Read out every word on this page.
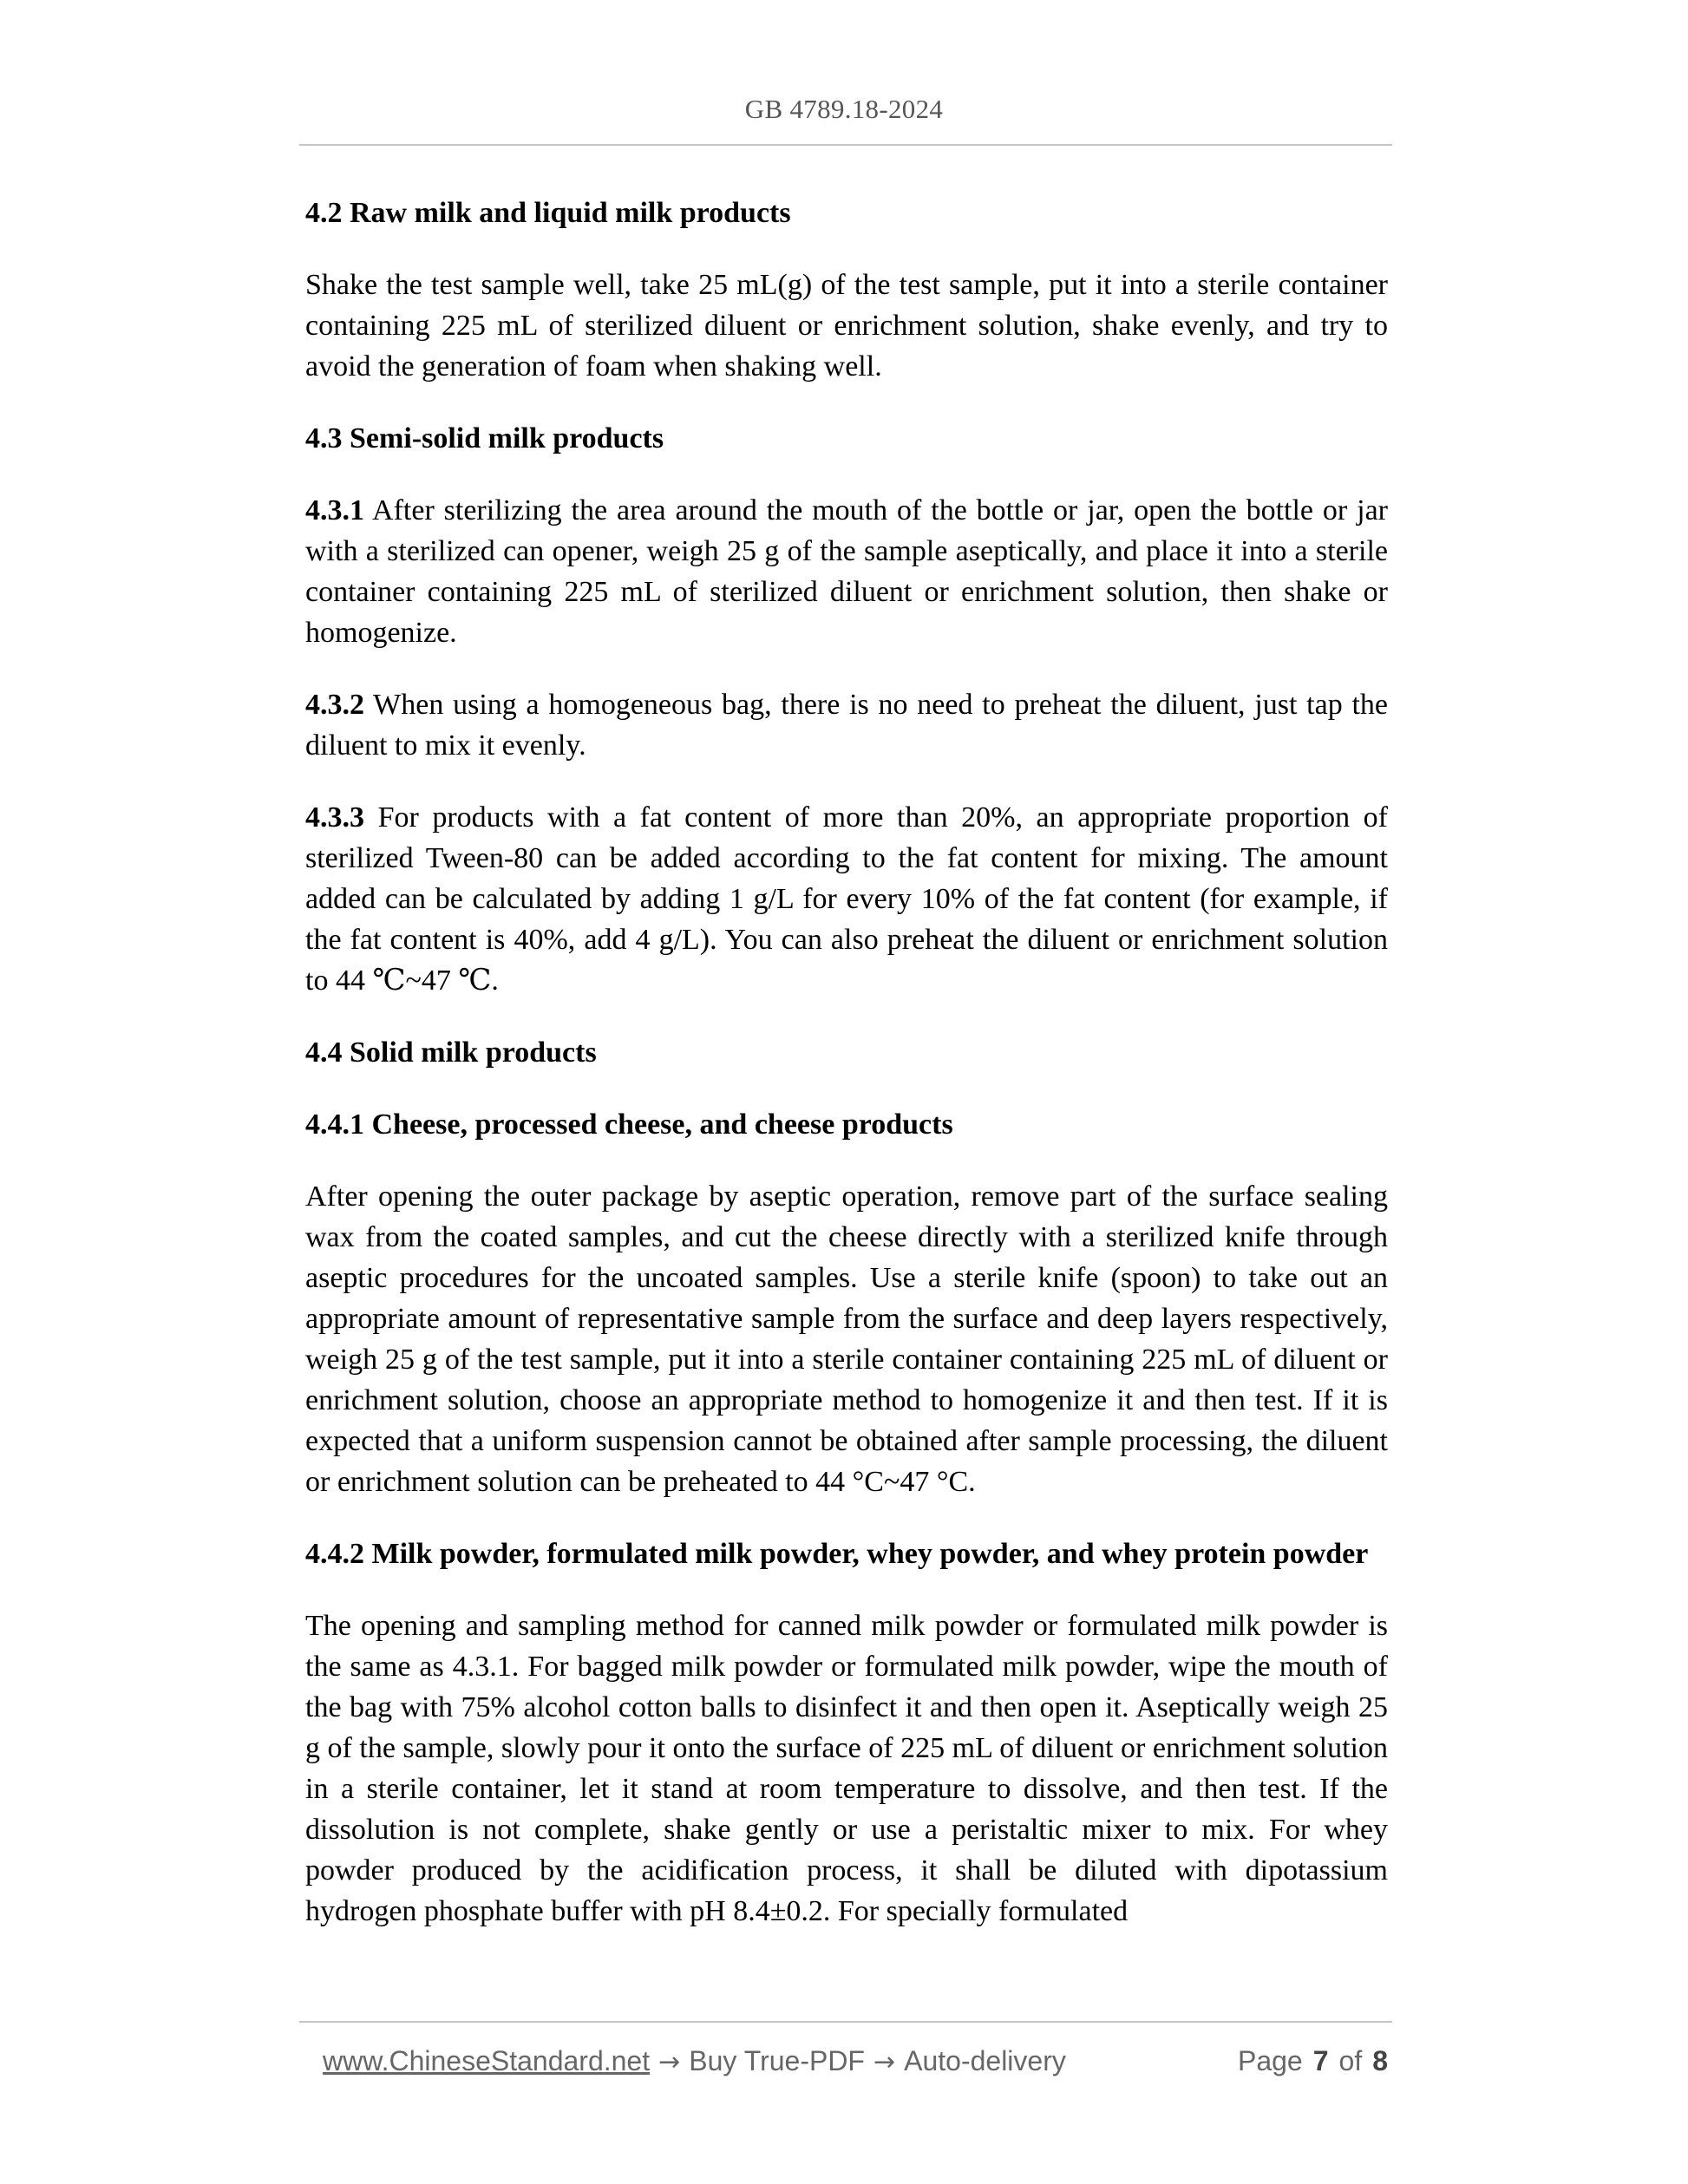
GB 4789.18-2024
4.2 Raw milk and liquid milk products
Shake the test sample well, take 25 mL(g) of the test sample, put it into a sterile container containing 225 mL of sterilized diluent or enrichment solution, shake evenly, and try to avoid the generation of foam when shaking well.
4.3 Semi-solid milk products
4.3.1 After sterilizing the area around the mouth of the bottle or jar, open the bottle or jar with a sterilized can opener, weigh 25 g of the sample aseptically, and place it into a sterile container containing 225 mL of sterilized diluent or enrichment solution, then shake or homogenize.
4.3.2 When using a homogeneous bag, there is no need to preheat the diluent, just tap the diluent to mix it evenly.
4.3.3 For products with a fat content of more than 20%, an appropriate proportion of sterilized Tween-80 can be added according to the fat content for mixing. The amount added can be calculated by adding 1 g/L for every 10% of the fat content (for example, if the fat content is 40%, add 4 g/L). You can also preheat the diluent or enrichment solution to 44 ℃~47 ℃.
4.4 Solid milk products
4.4.1 Cheese, processed cheese, and cheese products
After opening the outer package by aseptic operation, remove part of the surface sealing wax from the coated samples, and cut the cheese directly with a sterilized knife through aseptic procedures for the uncoated samples. Use a sterile knife (spoon) to take out an appropriate amount of representative sample from the surface and deep layers respectively, weigh 25 g of the test sample, put it into a sterile container containing 225 mL of diluent or enrichment solution, choose an appropriate method to homogenize it and then test. If it is expected that a uniform suspension cannot be obtained after sample processing, the diluent or enrichment solution can be preheated to 44 °C~47 °C.
4.4.2 Milk powder, formulated milk powder, whey powder, and whey protein powder
The opening and sampling method for canned milk powder or formulated milk powder is the same as 4.3.1. For bagged milk powder or formulated milk powder, wipe the mouth of the bag with 75% alcohol cotton balls to disinfect it and then open it. Aseptically weigh 25 g of the sample, slowly pour it onto the surface of 225 mL of diluent or enrichment solution in a sterile container, let it stand at room temperature to dissolve, and then test. If the dissolution is not complete, shake gently or use a peristaltic mixer to mix. For whey powder produced by the acidification process, it shall be diluted with dipotassium hydrogen phosphate buffer with pH 8.4±0.2. For specially formulated
www.ChineseStandard.net → Buy True-PDF → Auto-delivery	Page 7 of 8
